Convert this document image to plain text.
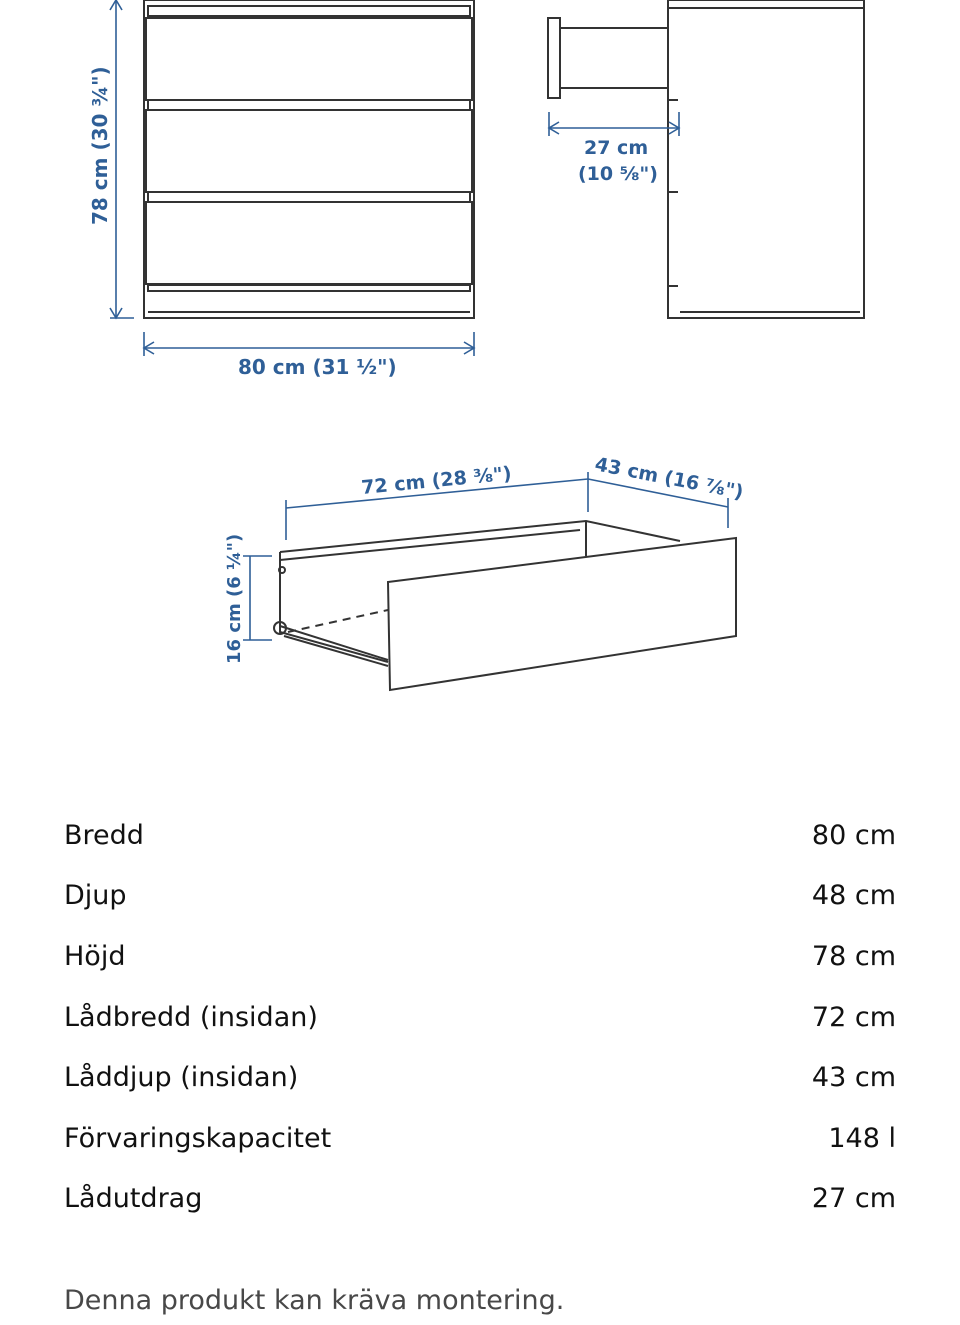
78 cm (30 ¾")
80 cm (31 ½")
27 cm
(10 ⅝")
72 cm (28 ⅜")	43 cm (16 ⅞")
16 cm (6 ¼")
Bredd	80 cm
Djup	48 cm
Höjd	78 cm
Lådbredd (insidan)	72 cm
Låddjup (insidan)	43 cm
Förvaringskapacitet	148 l
Lådutdrag	27 cm
Denna produkt kan kräva montering.
